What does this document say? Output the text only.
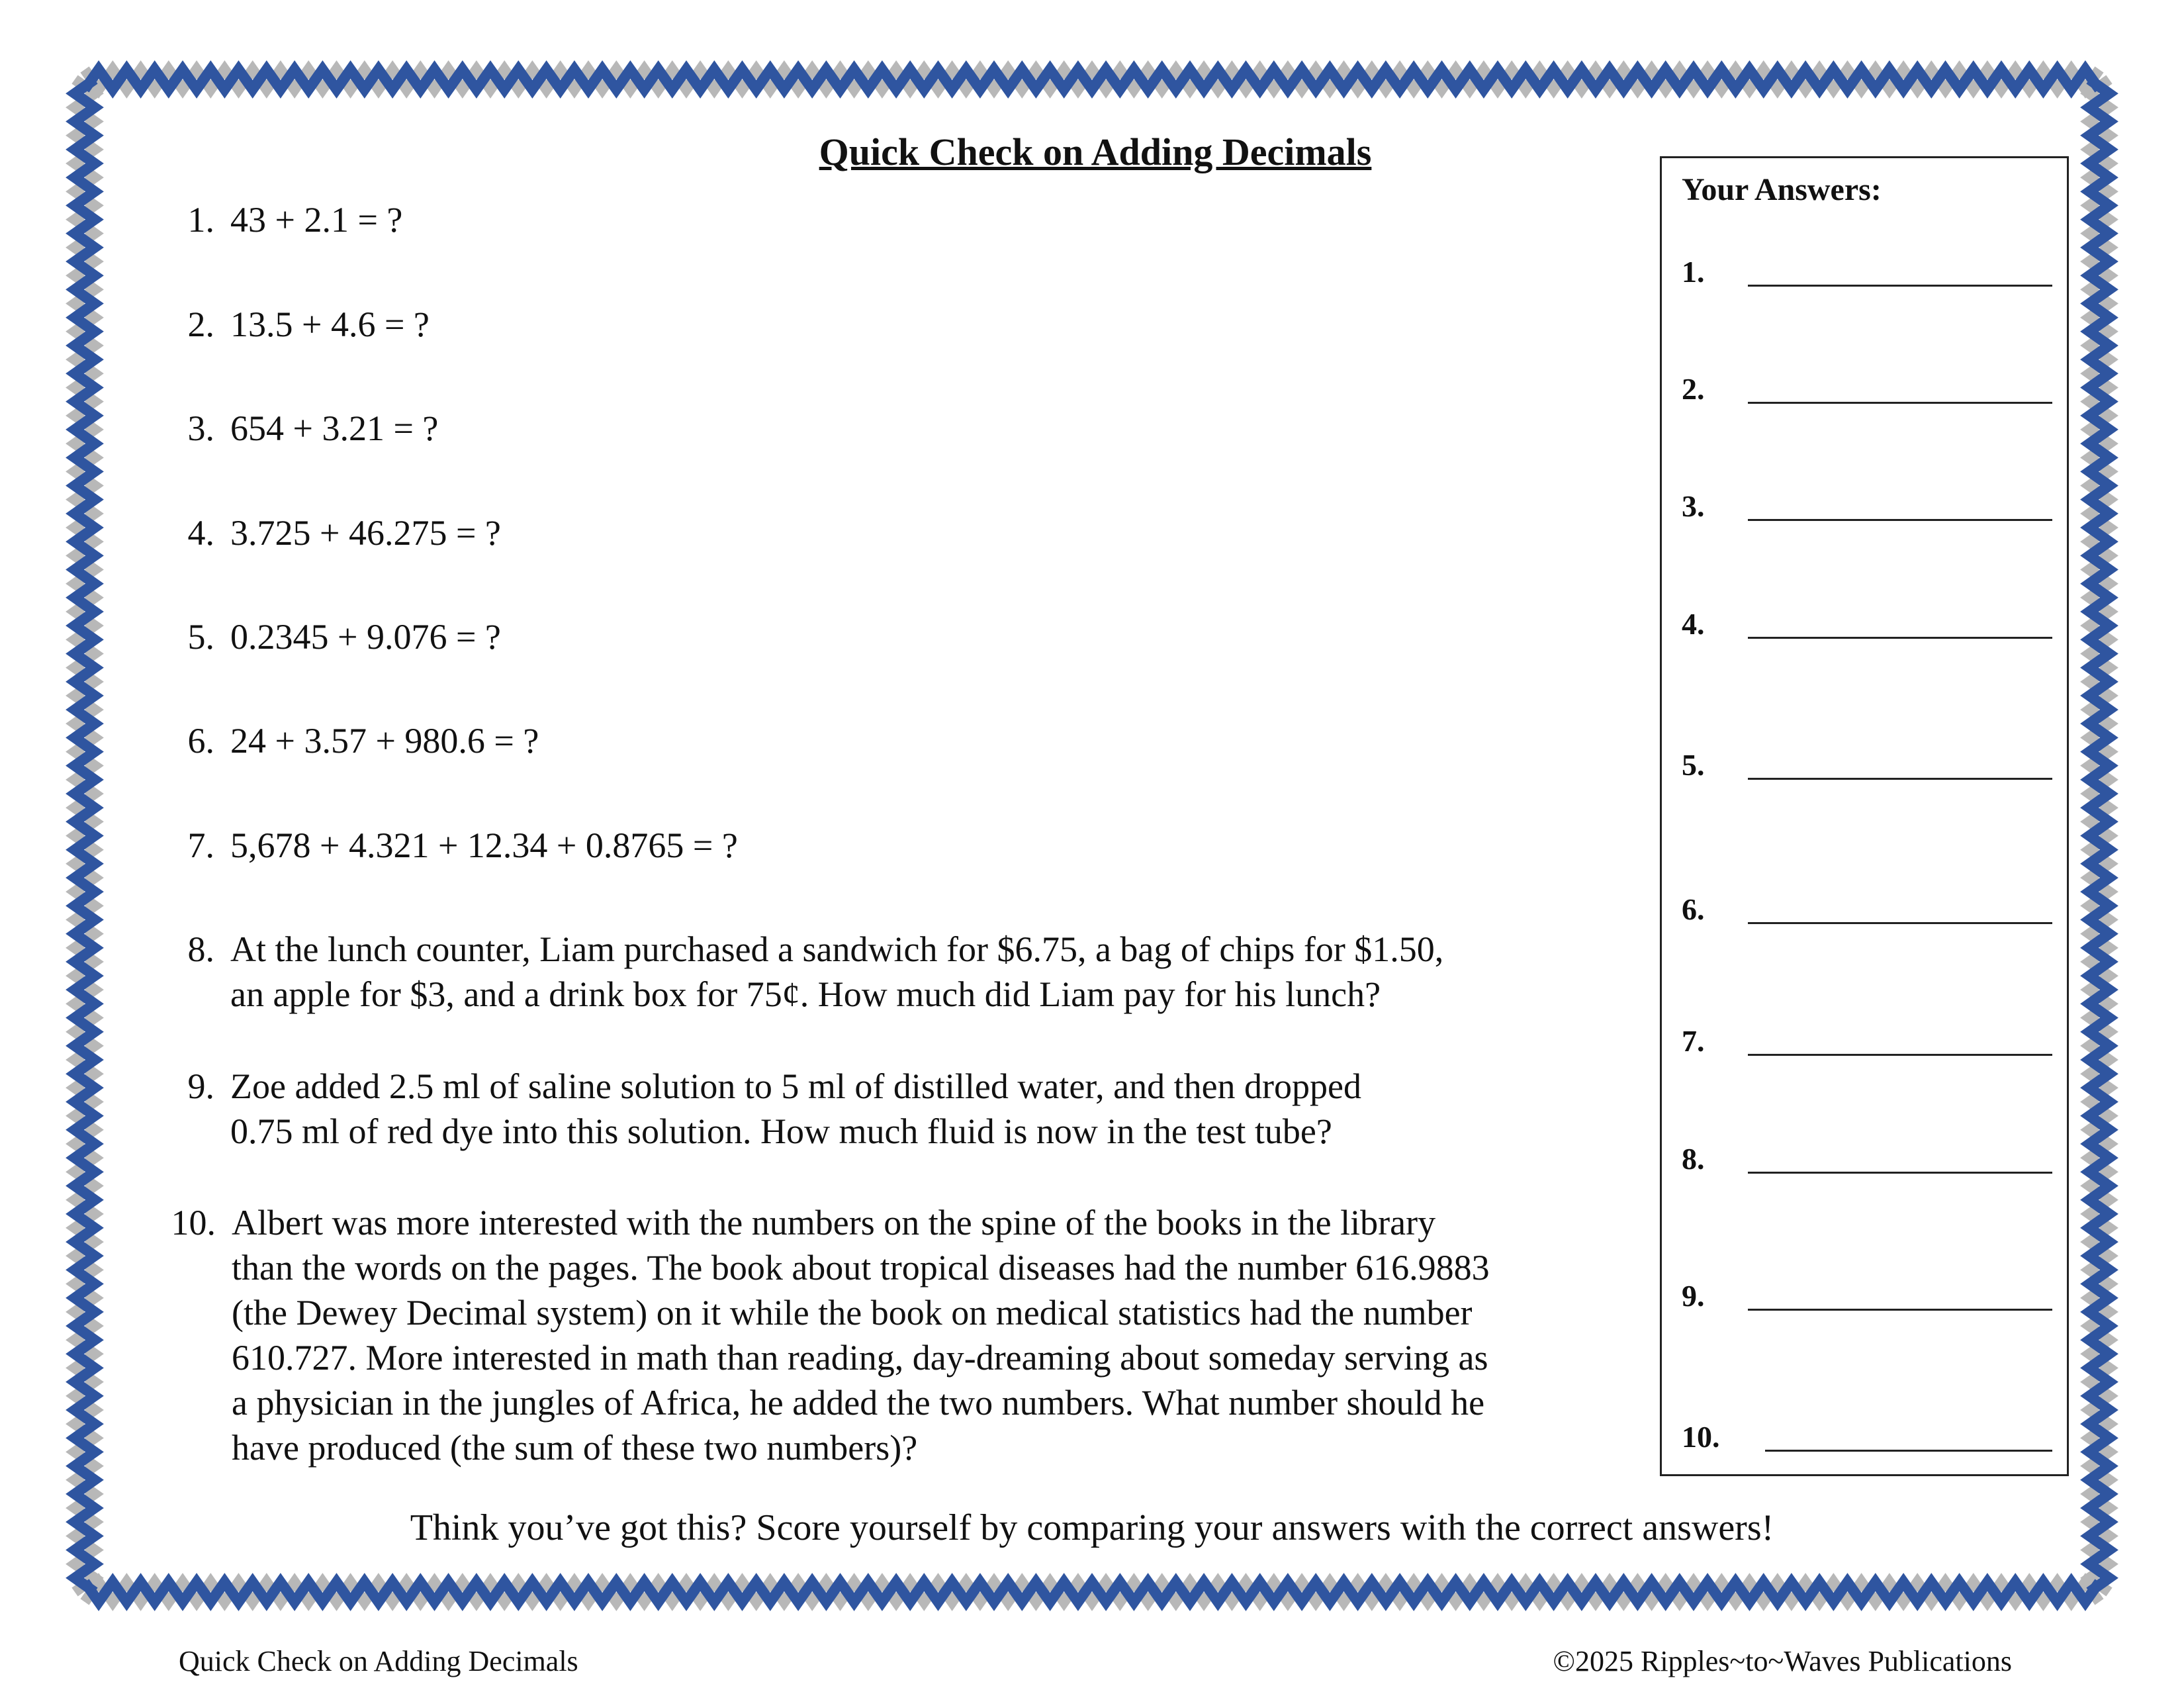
Quick Check on Adding Decimals
1. 43 + 2.1 = ?
2. 13.5 + 4.6 = ?
3. 654 + 3.21 = ?
4. 3.725 + 46.275 = ?
5. 0.2345 + 9.076 = ?
6. 24 + 3.57 + 980.6 = ?
7. 5,678 + 4.321 + 12.34 + 0.8765 = ?
8. At the lunch counter, Liam purchased a sandwich for $6.75, a bag of chips for $1.50,
an apple for $3, and a drink box for 75¢. How much did Liam pay for his lunch?
9. Zoe added 2.5 ml of saline solution to 5 ml of distilled water, and then dropped
0.75 ml of red dye into this solution. How much fluid is now in the test tube?
10. Albert was more interested with the numbers on the spine of the books in the library
than the words on the pages. The book about tropical diseases had the number 616.9883
(the Dewey Decimal system) on it while the book on medical statistics had the number
610.727. More interested in math than reading, day-dreaming about someday serving as
a physician in the jungles of Africa, he added the two numbers. What number should he
have produced (the sum of these two numbers)?
Your Answers:
1.
2.
3.
4.
5.
6.
7.
8.
9.
10.
Think you’ve got this? Score yourself by comparing your answers with the correct answers!
Quick Check on Adding Decimals	©2025 Ripples~to~Waves Publications
